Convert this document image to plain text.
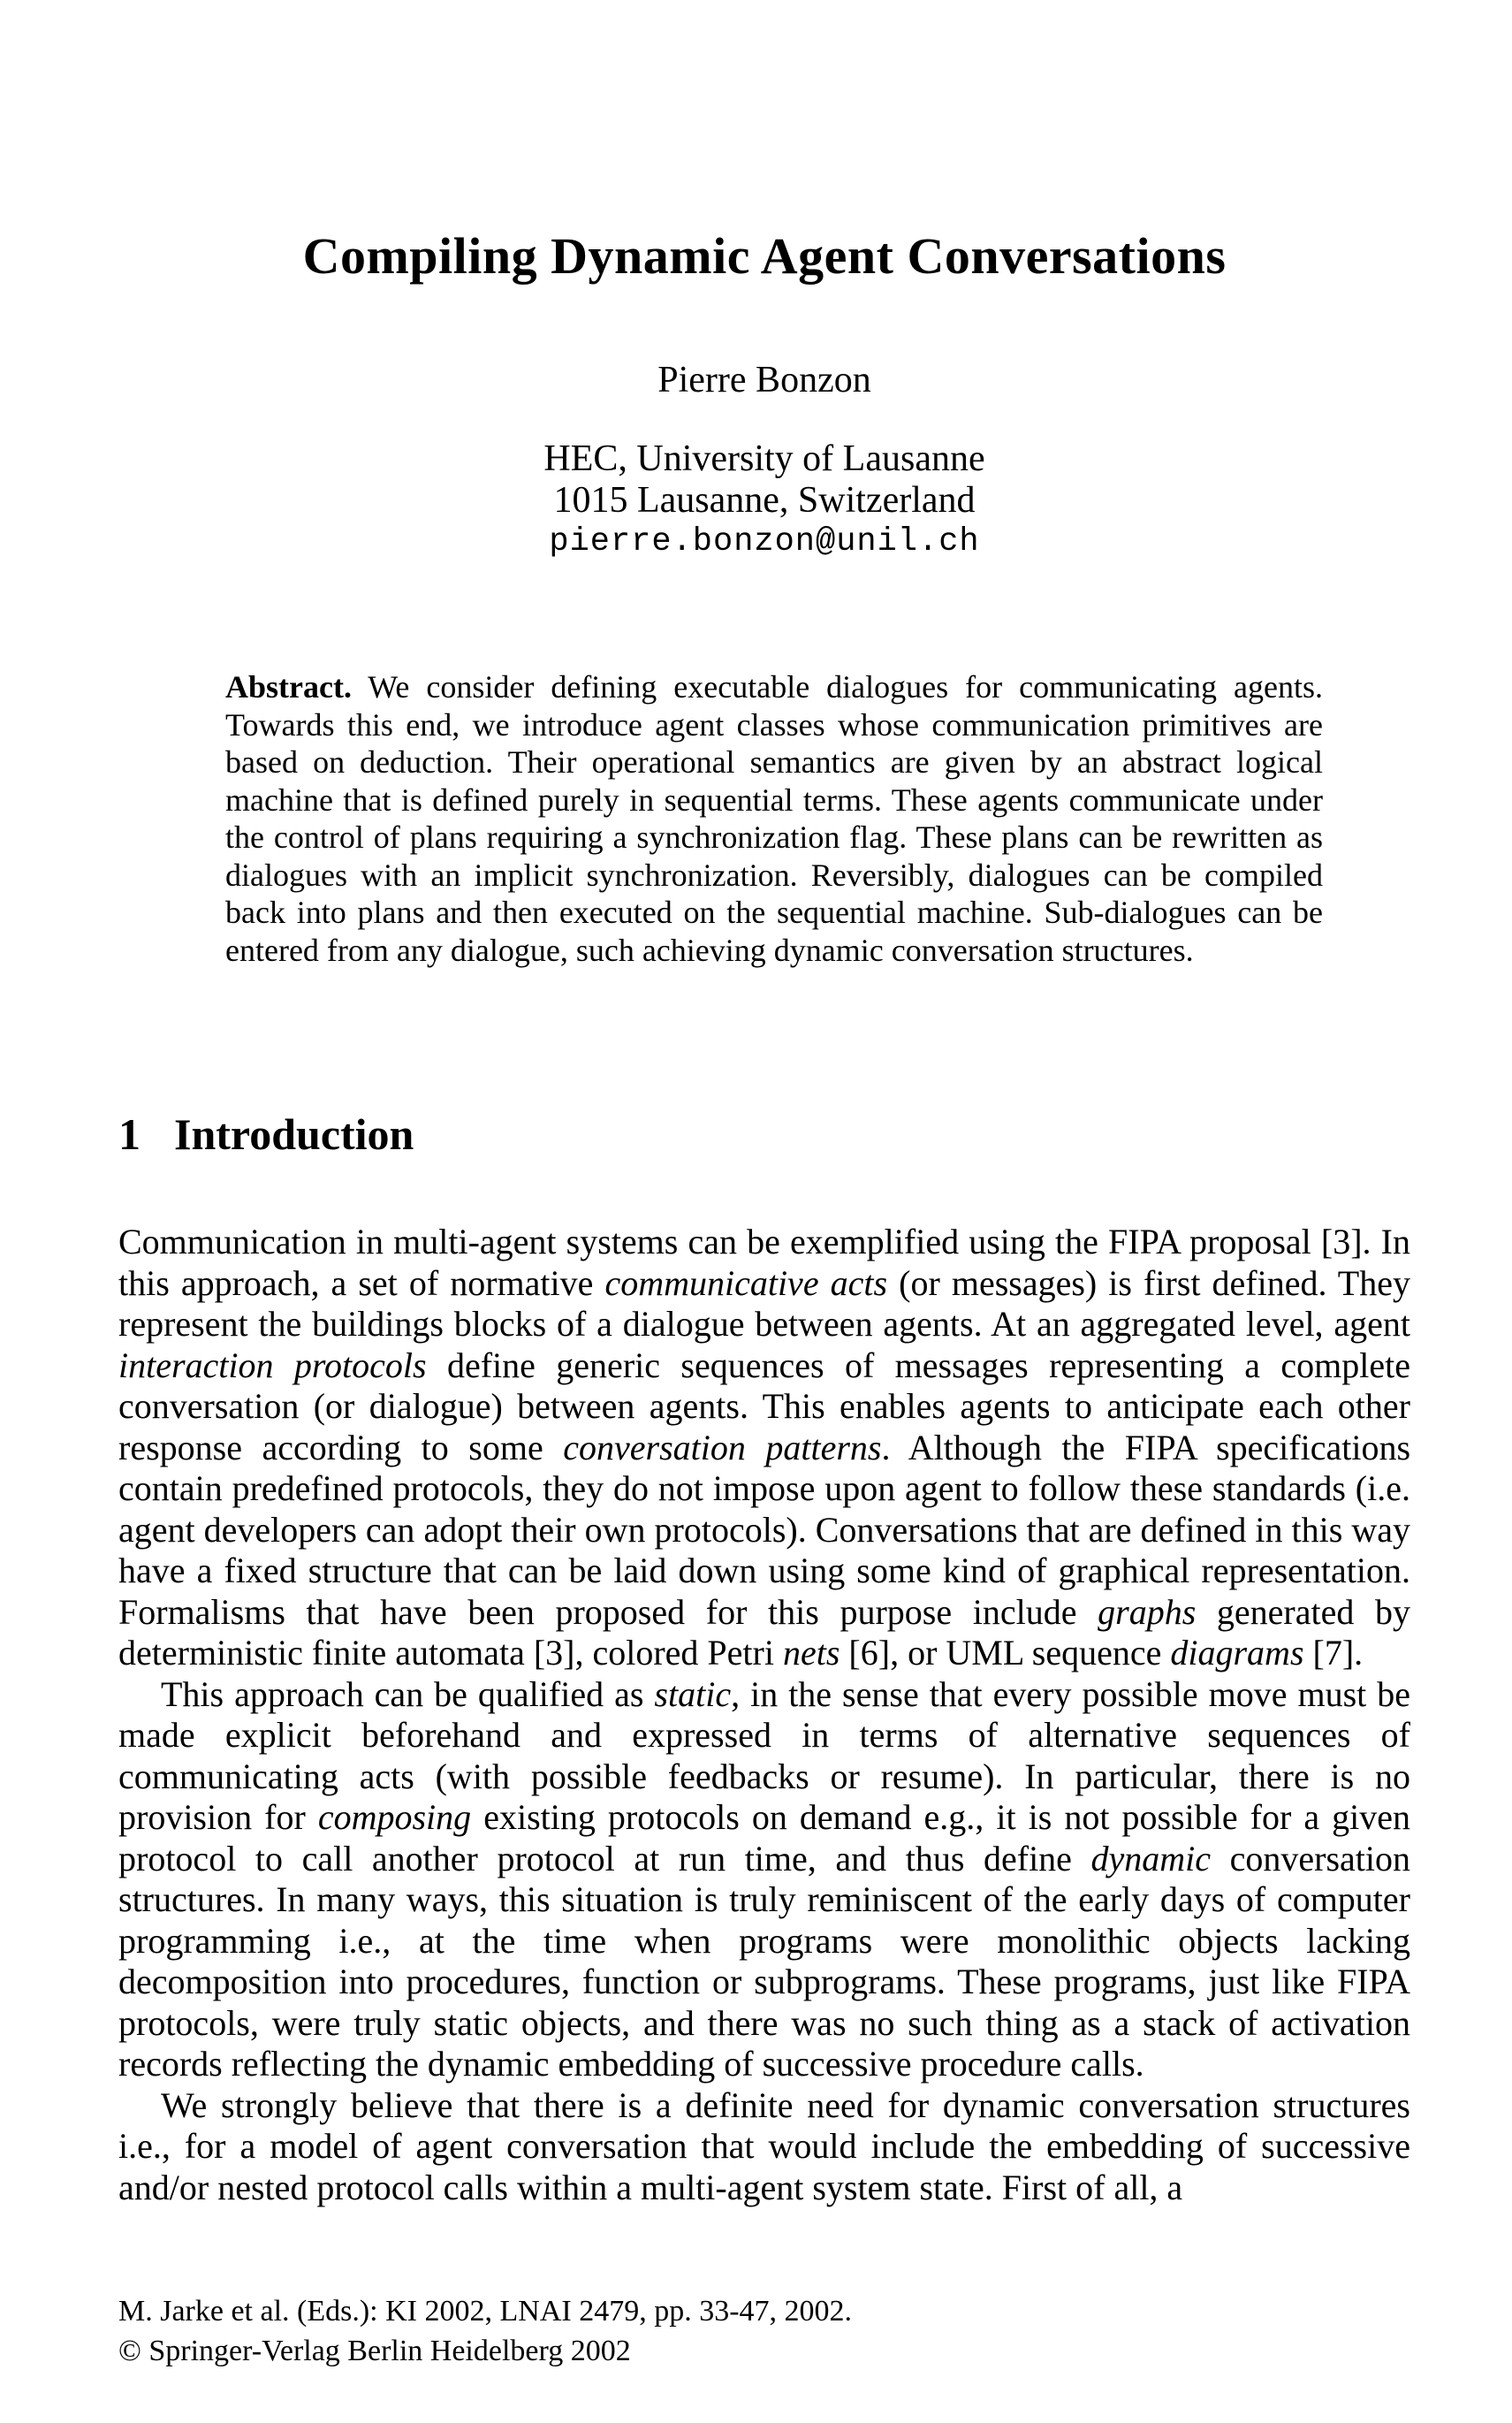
Compiling Dynamic Agent Conversations
Pierre Bonzon
HEC, University of Lausanne
1015 Lausanne, Switzerland
pierre.bonzon@unil.ch
Abstract. We consider defining executable dialogues for communicating agents. Towards this end, we introduce agent classes whose communication primitives are based on deduction. Their operational semantics are given by an abstract logical machine that is defined purely in sequential terms. These agents communicate under the control of plans requiring a synchronization flag. These plans can be rewritten as dialogues with an implicit synchronization. Reversibly, dialogues can be compiled back into plans and then executed on the sequential machine. Sub-dialogues can be entered from any dialogue, such achieving dynamic conversation structures.
1 Introduction

Communication in multi-agent systems can be exemplified using the FIPA proposal [3]. In this approach, a set of normative communicative acts (or messages) is first defined. They represent the buildings blocks of a dialogue between agents. At an aggregated level, agent interaction protocols define generic sequences of messages representing a complete conversation (or dialogue) between agents. This enables agents to anticipate each other response according to some conversation patterns. Although the FIPA specifications contain predefined protocols, they do not impose upon agent to follow these standards (i.e. agent developers can adopt their own protocols). Conversations that are defined in this way have a fixed structure that can be laid down using some kind of graphical representation. Formalisms that have been proposed for this purpose include graphs generated by deterministic finite automata [3], colored Petri nets [6], or UML sequence diagrams [7].

This approach can be qualified as static, in the sense that every possible move must be made explicit beforehand and expressed in terms of alternative sequences of communicating acts (with possible feedbacks or resume). In particular, there is no provision for composing existing protocols on demand e.g., it is not possible for a given protocol to call another protocol at run time, and thus define dynamic conversation structures. In many ways, this situation is truly reminiscent of the early days of computer programming i.e., at the time when programs were monolithic objects lacking decomposition into procedures, function or subprograms. These programs, just like FIPA protocols, were truly static objects, and there was no such thing as a stack of activation records reflecting the dynamic embedding of successive procedure calls.

We strongly believe that there is a definite need for dynamic conversation structures i.e., for a model of agent conversation that would include the embedding of successive and/or nested protocol calls within a multi-agent system state. First of all, a

M. Jarke et al. (Eds.): KI 2002, LNAI 2479, pp. 33-47, 2002.
© Springer-Verlag Berlin Heidelberg 2002
